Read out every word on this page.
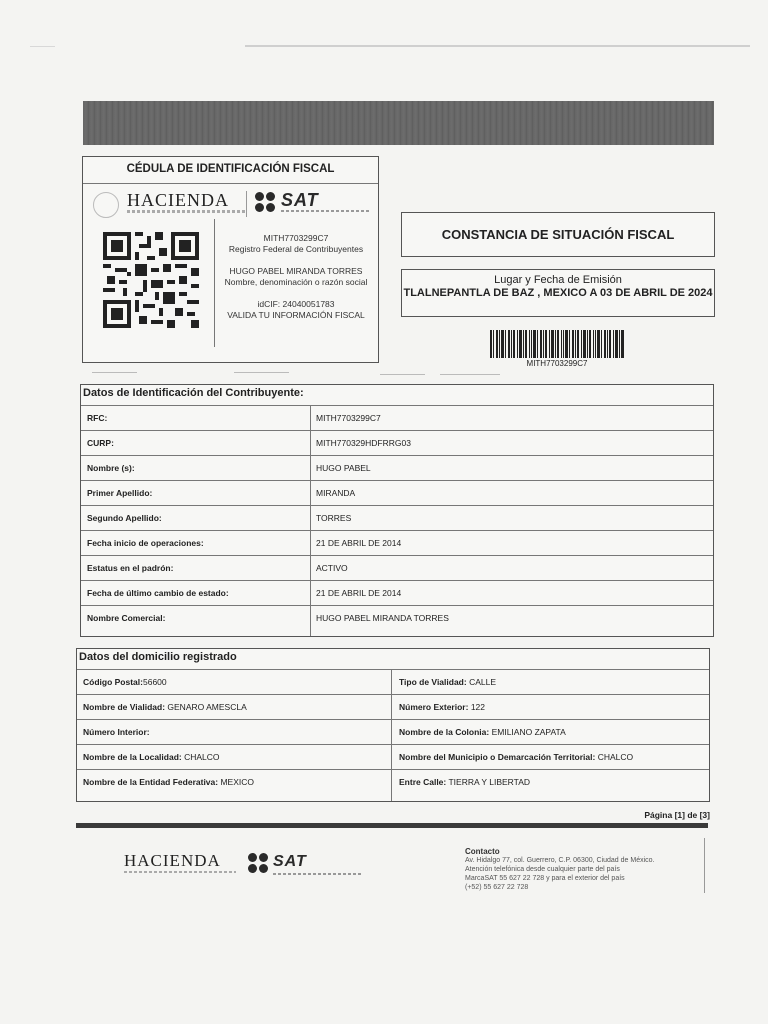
CÉDULA DE IDENTIFICACIÓN FISCAL
HACIENDA	SAT
MITH7703299C7
Registro Federal de Contribuyentes
HUGO PABEL MIRANDA TORRES
Nombre, denominación o razón social
idCIF: 24040051783
VALIDA TU INFORMACIÓN FISCAL
CONSTANCIA DE SITUACIÓN FISCAL
Lugar y Fecha de Emisión
TLALNEPANTLA DE BAZ , MEXICO A 03 DE ABRIL DE 2024
MITH7703299C7
Datos de Identificación del Contribuyente:
RFC:	MITH7703299C7
CURP:	MITH770329HDFRRG03
Nombre (s):	HUGO PABEL
Primer Apellido:	MIRANDA
Segundo Apellido:	TORRES
Fecha inicio de operaciones:	21 DE ABRIL DE 2014
Estatus en el padrón:	ACTIVO
Fecha de último cambio de estado:	21 DE ABRIL DE 2014
Nombre Comercial:	HUGO PABEL MIRANDA TORRES
Datos del domicilio registrado
Código Postal:56600	Tipo de Vialidad: CALLE
Nombre de Vialidad: GENARO AMESCLA	Número Exterior: 122
Número Interior:	Nombre de la Colonia: EMILIANO ZAPATA
Nombre de la Localidad: CHALCO	Nombre del Municipio o Demarcación Territorial: CHALCO
Nombre de la Entidad Federativa: MEXICO	Entre Calle: TIERRA Y LIBERTAD
Página [1] de [3]
HACIENDA	SAT
Contacto
Av. Hidalgo 77, col. Guerrero, C.P. 06300, Ciudad de México.
Atención telefónica desde cualquier parte del país
MarcaSAT 55 627 22 728 y para el exterior del país
(+52) 55 627 22 728
